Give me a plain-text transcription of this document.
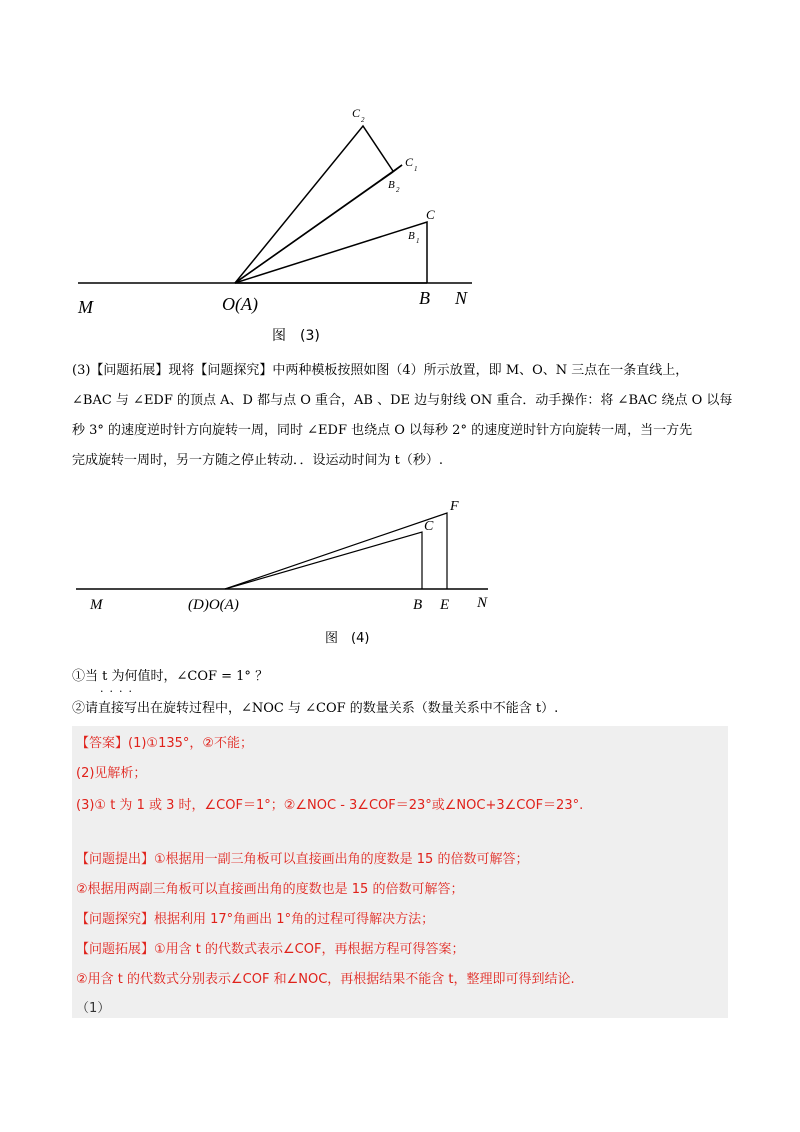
M	O(A)	B N
C
B 1
C 1
B 2
C 2
图　(3)

(3)【问题拓展】现将【问题探究】中两种模板按照如图（4）所示放置，即 M、O、N 三点在一条直线上，

∠BAC 与 ∠EDF 的顶点 A、D 都与点 O 重合，AB 、DE 边与射线 ON 重合．动手操作：将 ∠BAC 绕点 O 以每

秒 3° 的速度逆时针方向旋转一周，同时 ∠EDF 也绕点 O 以每秒 2° 的速度逆时针方向旋转一周，当一方先

完成旋转一周时，另一方随之停止转动．．设运动时间为 t（秒）.

M	(D)O(A)	B E N
C
F
图　(4)

①当 t 为何值时，∠COF = 1° ？

②请直接写出在旋转过程中，∠NOC 与 ∠COF 的数量关系（数量关系中不能含 t）.

····

【答案】(1)①135°，②不能；

(2)见解析；

(3)① t 为 1 或 3 时，∠COF＝1°；②∠NOC - 3∠COF＝23°或∠NOC+3∠COF＝23°.

【问题提出】①根据用一副三角板可以直接画出角的度数是 15 的倍数可解答；

②根据用两副三角板可以直接画出角的度数也是 15 的倍数可解答；

【问题探究】根据利用 17°角画出 1°角的过程可得解决方法；

【问题拓展】①用含 t 的代数式表示∠COF，再根据方程可得答案；

②用含 t 的代数式分别表示∠COF 和∠NOC，再根据结果不能含 t，整理即可得到结论.

（1）
